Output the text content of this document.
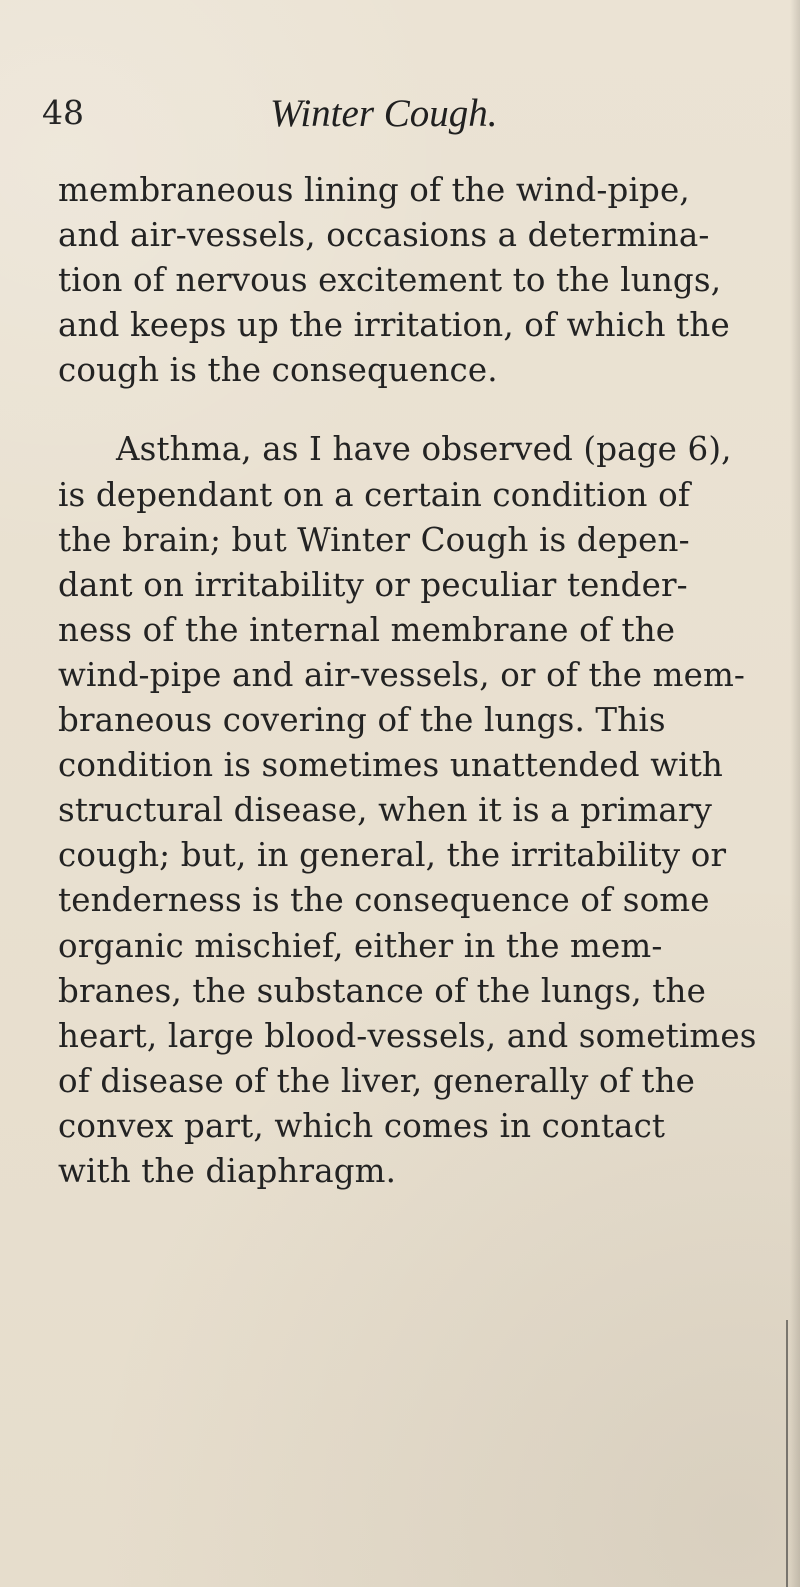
48	Winter Cough.
membraneous lining of the wind-pipe,
and air-vessels, occasions a determina-
tion of nervous excitement to the lungs,
and keeps up the irritation, of which the
cough is the consequence.
Asthma, as I have observed (page 6),
is dependant on a certain condition of
the brain; but Winter Cough is depen-
dant on irritability or peculiar tender-
ness of the internal membrane of the
wind-pipe and air-vessels, or of the mem-
braneous covering of the lungs. This
condition is sometimes unattended with
structural disease, when it is a primary
cough; but, in general, the irritability or
tenderness is the consequence of some
organic mischief, either in the mem-
branes, the substance of the lungs, the
heart, large blood-vessels, and sometimes
of disease of the liver, generally of the
convex part, which comes in contact
with the diaphragm.
